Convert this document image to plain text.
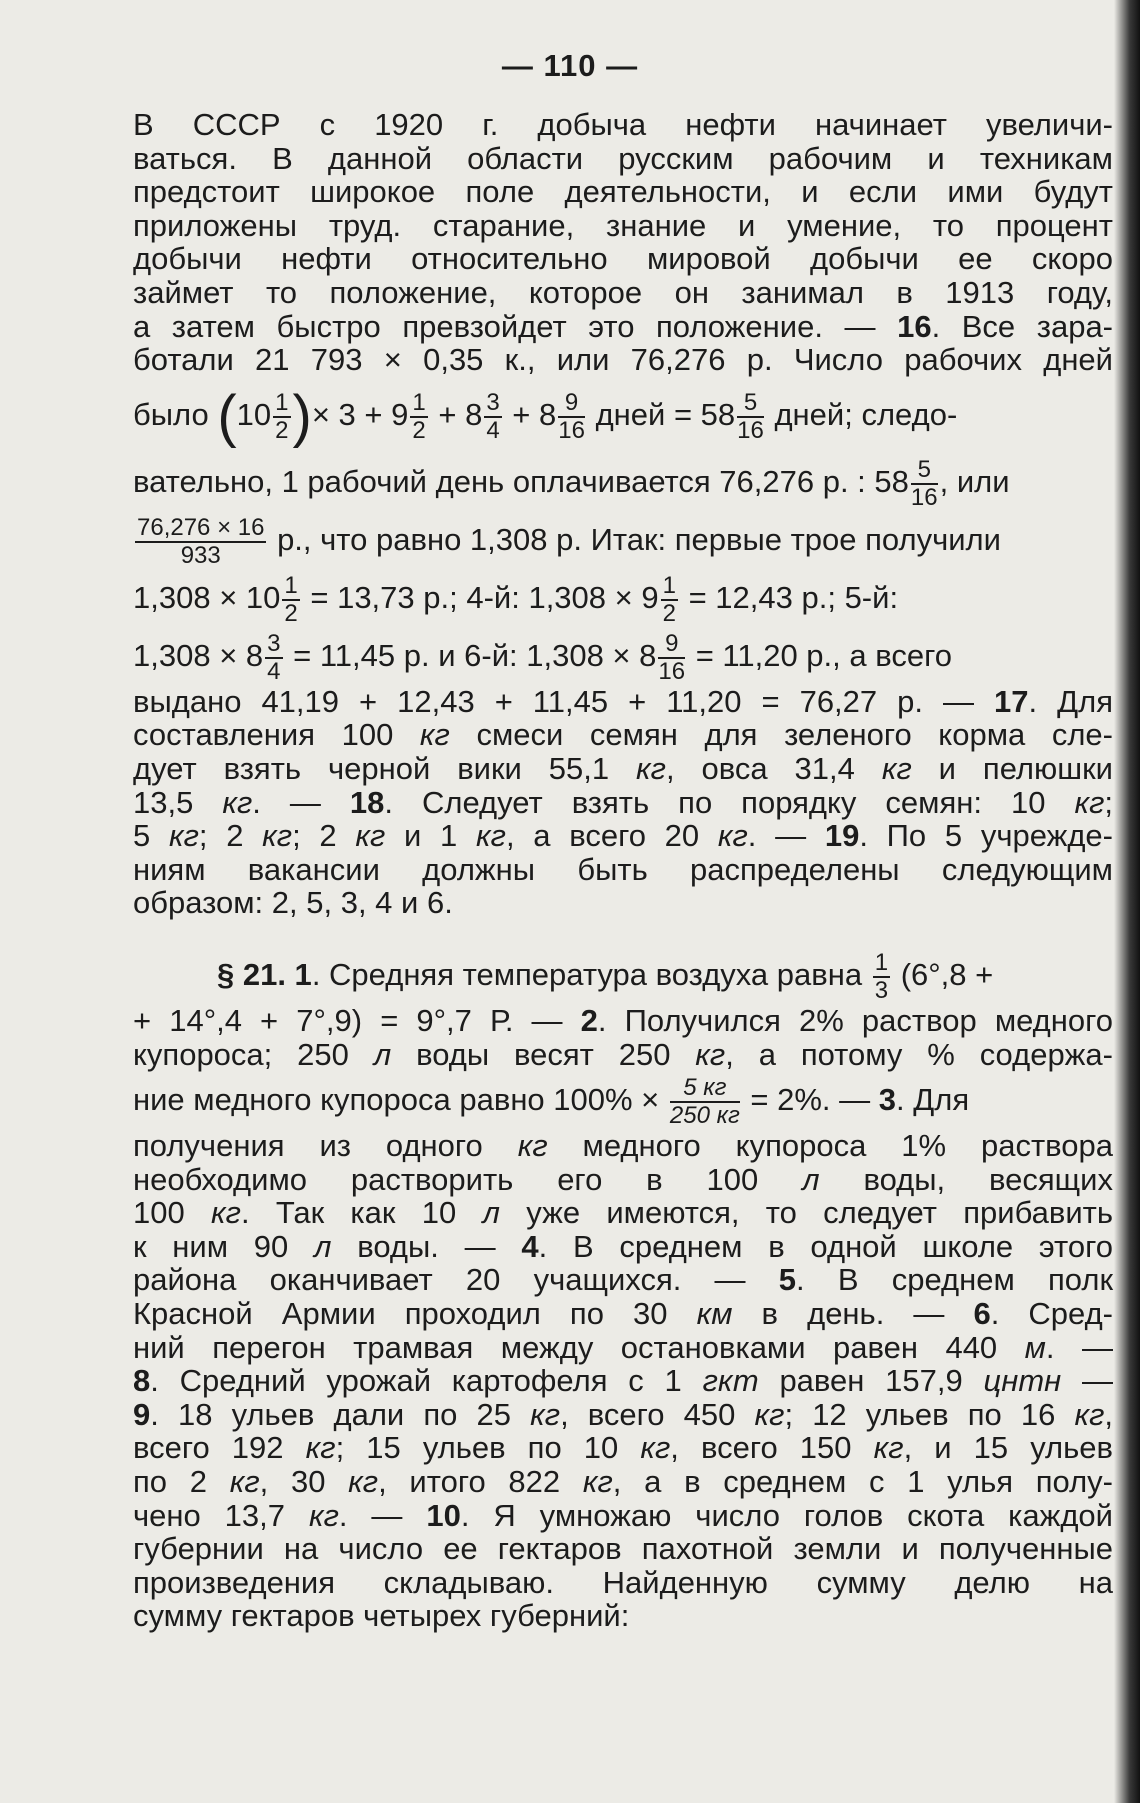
— 110 —
В СССР с 1920 г. добыча нефти начинает увеличи-
ваться. В данной области русским рабочим и техникам
предстоит широкое поле деятельности, и если ими будут
приложены труд. старание, знание и умение, то процент
добычи нефти относительно мировой добычи ее скоро
займет то положение, которое он занимал в 1913 году,
а затем быстро превзойдет это положение. — 16. Все зара-
ботали 21 793 × 0,35 к., или 76,276 р. Число рабочих дней
было ($10 \frac{1}{2}$ )× $3 + 9 \frac{1}{2} + 8 \frac{3}{4} + 8 \frac{9}{16}$ дней = $58 \frac{5}{16}$ дней; следо-
вательно, 1 рабочий день оплачивается 76,276 р. : $58 \frac{5}{16}$ , или
$\frac{76,276 \times 16}{933} р$., что равно 1,308 р. Итак: первые трое получили
$1,308 \times 10 \frac{1}{2} = 13,73$ р.; 4-й: $1,308 \times 9 \frac{1}{2} = 12,43$ р.; 5-й:
$1,308 \times 8 \frac{3}{4} = 11,45$ р. и 6-й: $1,308 \times 8 \frac{9}{16} = 11,20$ р., а всего
выдано 41,19 + 12,43 + 11,45 + 11,20 = 76,27 р. — 17. Для
составления 100 кг смеси семян для зеленого корма сле-
дует взять черной вики 55,1 кг, овса 31,4 кг и пелюшки
13,5 кг. — 18. Следует взять по порядку семян: 10 кг;
5 кг; 2 кг; 2 кг и 1 кг, а всего 20 кг. — 19. По 5 учрежде-
ниям вакансии должны быть распределены следующим
образом: 2, 5, 3, 4 и 6.
§ 21. 1. Средняя температура воздуха равна $\frac{1}{3} (6^\circ,8$ +
+ 14°,4 + 7°,9) = 9°,7 Р. — 2. Получился 2% раствор медного
купороса; 250 л воды весят 250 кг, а потому % содержа-
ние медного купороса равно $100\% \times \frac{5 кг}{250 кг} = 2\%$. — 3. Для
получения из одного кг медного купороса 1% раствора
необходимо растворить его в 100 л воды, весящих
100 кг. Так как 10 л уже имеются, то следует прибавить
к ним 90 л воды. — 4. В среднем в одной школе этого
района оканчивает 20 учащихся. — 5. В среднем полк
Красной Армии проходил по 30 км в день. — 6. Сред-
ний перегон трамвая между остановками равен 440 м. —
8. Средний урожай картофеля с 1 гкт равен 157,9 цнтн —
9. 18 ульев дали по 25 кг, всего 450 кг; 12 ульев по 16 кг,
всего 192 кг; 15 ульев по 10 кг, всего 150 кг, и 15 ульев
по 2 кг, 30 кг, итого 822 кг, а в среднем с 1 улья полу-
чено 13,7 кг. — 10. Я умножаю число голов скота каждой
губернии на число ее гектаров пахотной земли и полученные
произведения складываю. Найденную сумму делю на
сумму гектаров четырех губерний:
